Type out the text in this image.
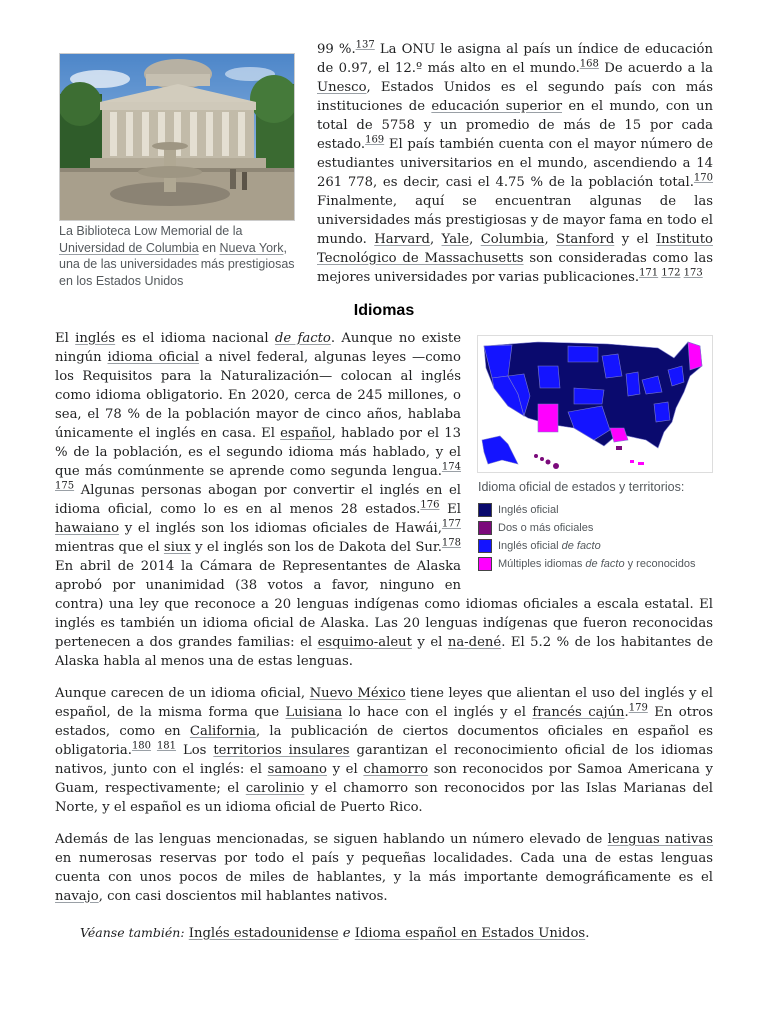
La Biblioteca Low Memorial de la Universidad de Columbia en Nueva York, una de las universidades más prestigiosas en los Estados Unidos

99 %.$^{137}$ La ONU le asigna al país un índice de educación de 0.97, el 12.º más alto en el mundo.$^{168}$ De acuerdo a la Unesco, Estados Unidos es el segundo país con más instituciones de educación superior en el mundo, con un total de 5758 y un promedio de más de 15 por cada estado.$^{169}$ El país también cuenta con el mayor número de estudiantes universitarios en el mundo, ascendiendo a 14 261 778, es decir, casi el 4.75 % de la población total.$^{170}$ Finalmente, aquí se encuentran algunas de las universidades más prestigiosas y de mayor fama en todo el mundo. Harvard, Yale, Columbia, Stanford y el Instituto Tecnológico de Massachusetts son consideradas como las mejores universidades por varias publicaciones.$^{171 172 173}$

Idiomas
Idioma oficial de estados y territorios:
Inglés oficial
Dos o más oficiales
Inglés oficial de facto
Múltiples idiomas de facto y reconocidos

El inglés es el idioma nacional de facto. Aunque no existe ningún idioma oficial a nivel federal, algunas leyes —como los Requisitos para la Naturalización— colocan al inglés como idioma obligatorio. En 2020, cerca de 245 millones, o sea, el 78 % de la población mayor de cinco años, hablaba únicamente el inglés en casa. El español, hablado por el 13 % de la población, es el segundo idioma más hablado, y el que más comúnmente se aprende como segunda lengua.$^{174 175}$ Algunas personas abogan por convertir el inglés en el idioma oficial, como lo es en al menos 28 estados.$^{176}$ El hawaiano y el inglés son los idiomas oficiales de Hawái,$^{177}$ mientras que el siux y el inglés son los de Dakota del Sur.$^{178}$ En abril de 2014 la Cámara de Representantes de Alaska aprobó por unanimidad (38 votos a favor, ninguno en contra) una ley que reconoce a 20 lenguas indígenas como idiomas oficiales a escala estatal. El inglés es también un idioma oficial de Alaska. Las 20 lenguas indígenas que fueron reconocidas pertenecen a dos grandes familias: el esquimo-aleut y el na-dené. El 5.2 % de los habitantes de Alaska habla al menos una de estas lenguas.

Aunque carecen de un idioma oficial, Nuevo México tiene leyes que alientan el uso del inglés y el español, de la misma forma que Luisiana lo hace con el inglés y el francés cajún.$^{179}$ En otros estados, como en California, la publicación de ciertos documentos oficiales en español es obligatoria.$^{180 181}$ Los territorios insulares garantizan el reconocimiento oficial de los idiomas nativos, junto con el inglés: el samoano y el chamorro son reconocidos por Samoa Americana y Guam, respectivamente; el carolinio y el chamorro son reconocidos por las Islas Marianas del Norte, y el español es un idioma oficial de Puerto Rico.

Además de las lenguas mencionadas, se siguen hablando un número elevado de lenguas nativas en numerosas reservas por todo el país y pequeñas localidades. Cada una de estas lenguas cuenta con unos pocos de miles de hablantes, y la más importante demográficamente es el navajo, con casi doscientos mil hablantes nativos.

Véanse también: Inglés estadounidense e Idioma español en Estados Unidos.
